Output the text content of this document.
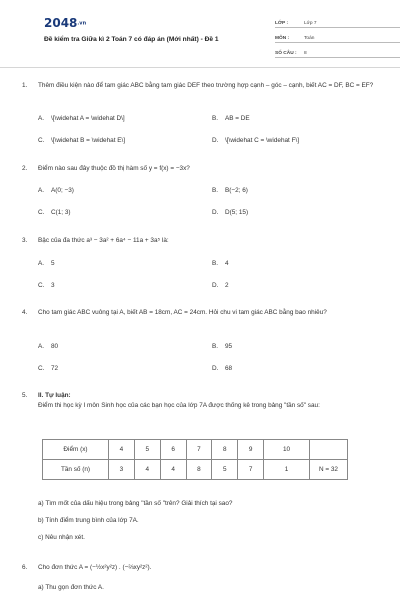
2048.vn
Đề kiểm tra Giữa kì 2 Toán 7 có đáp án (Mới nhất) - Đề 1
LỚP :	Lớp 7
MÔN :	Toán
SỐ CÂU :	8
1. Thêm điều kiện nào để tam giác ABC bằng tam giác DEF theo trường hợp cạnh – góc – cạnh, biết AC = DF, BC = EF?
A. \[\widehat A = \widehat D\]	B. AB = DE
C. \[\widehat B = \widehat E\]	D. \[\widehat C = \widehat F\]
2. Điểm nào sau đây thuộc đồ thị hàm số y = f(x) = −3x?
A. A(0; −3)	B. B(−2; 6)
C. C(1; 3)	D. D(5; 15)
3. Bậc của đa thức a³ − 3a² + 6a⁴ − 11a + 3a⁵ là:
A. 5	B. 4
C. 3	D. 2
4. Cho tam giác ABC vuông tại A, biết AB = 18cm, AC = 24cm. Hỏi chu vi tam giác ABC bằng bao nhiêu?
A. 80	B. 95
C. 72	D. 68
5. II. Tự luận:
Điểm thi học kỳ I môn Sinh học của các bạn học của lớp 7A được thống kê trong bảng "tần số" sau:
Điểm (x)	4	5	6	7	8	9	10	
Tần số (n)	3	4	4	8	5	7	1	N = 32
a) Tìm mốt của dấu hiệu trong bảng "tần số "trên? Giải thích tại sao?
b) Tính điểm trung bình của lớp 7A.
c) Nêu nhận xét.
6. Cho đơn thức A = (−½x²y²z) . (−⅔xy²z²).
a) Thu gọn đơn thức A.
